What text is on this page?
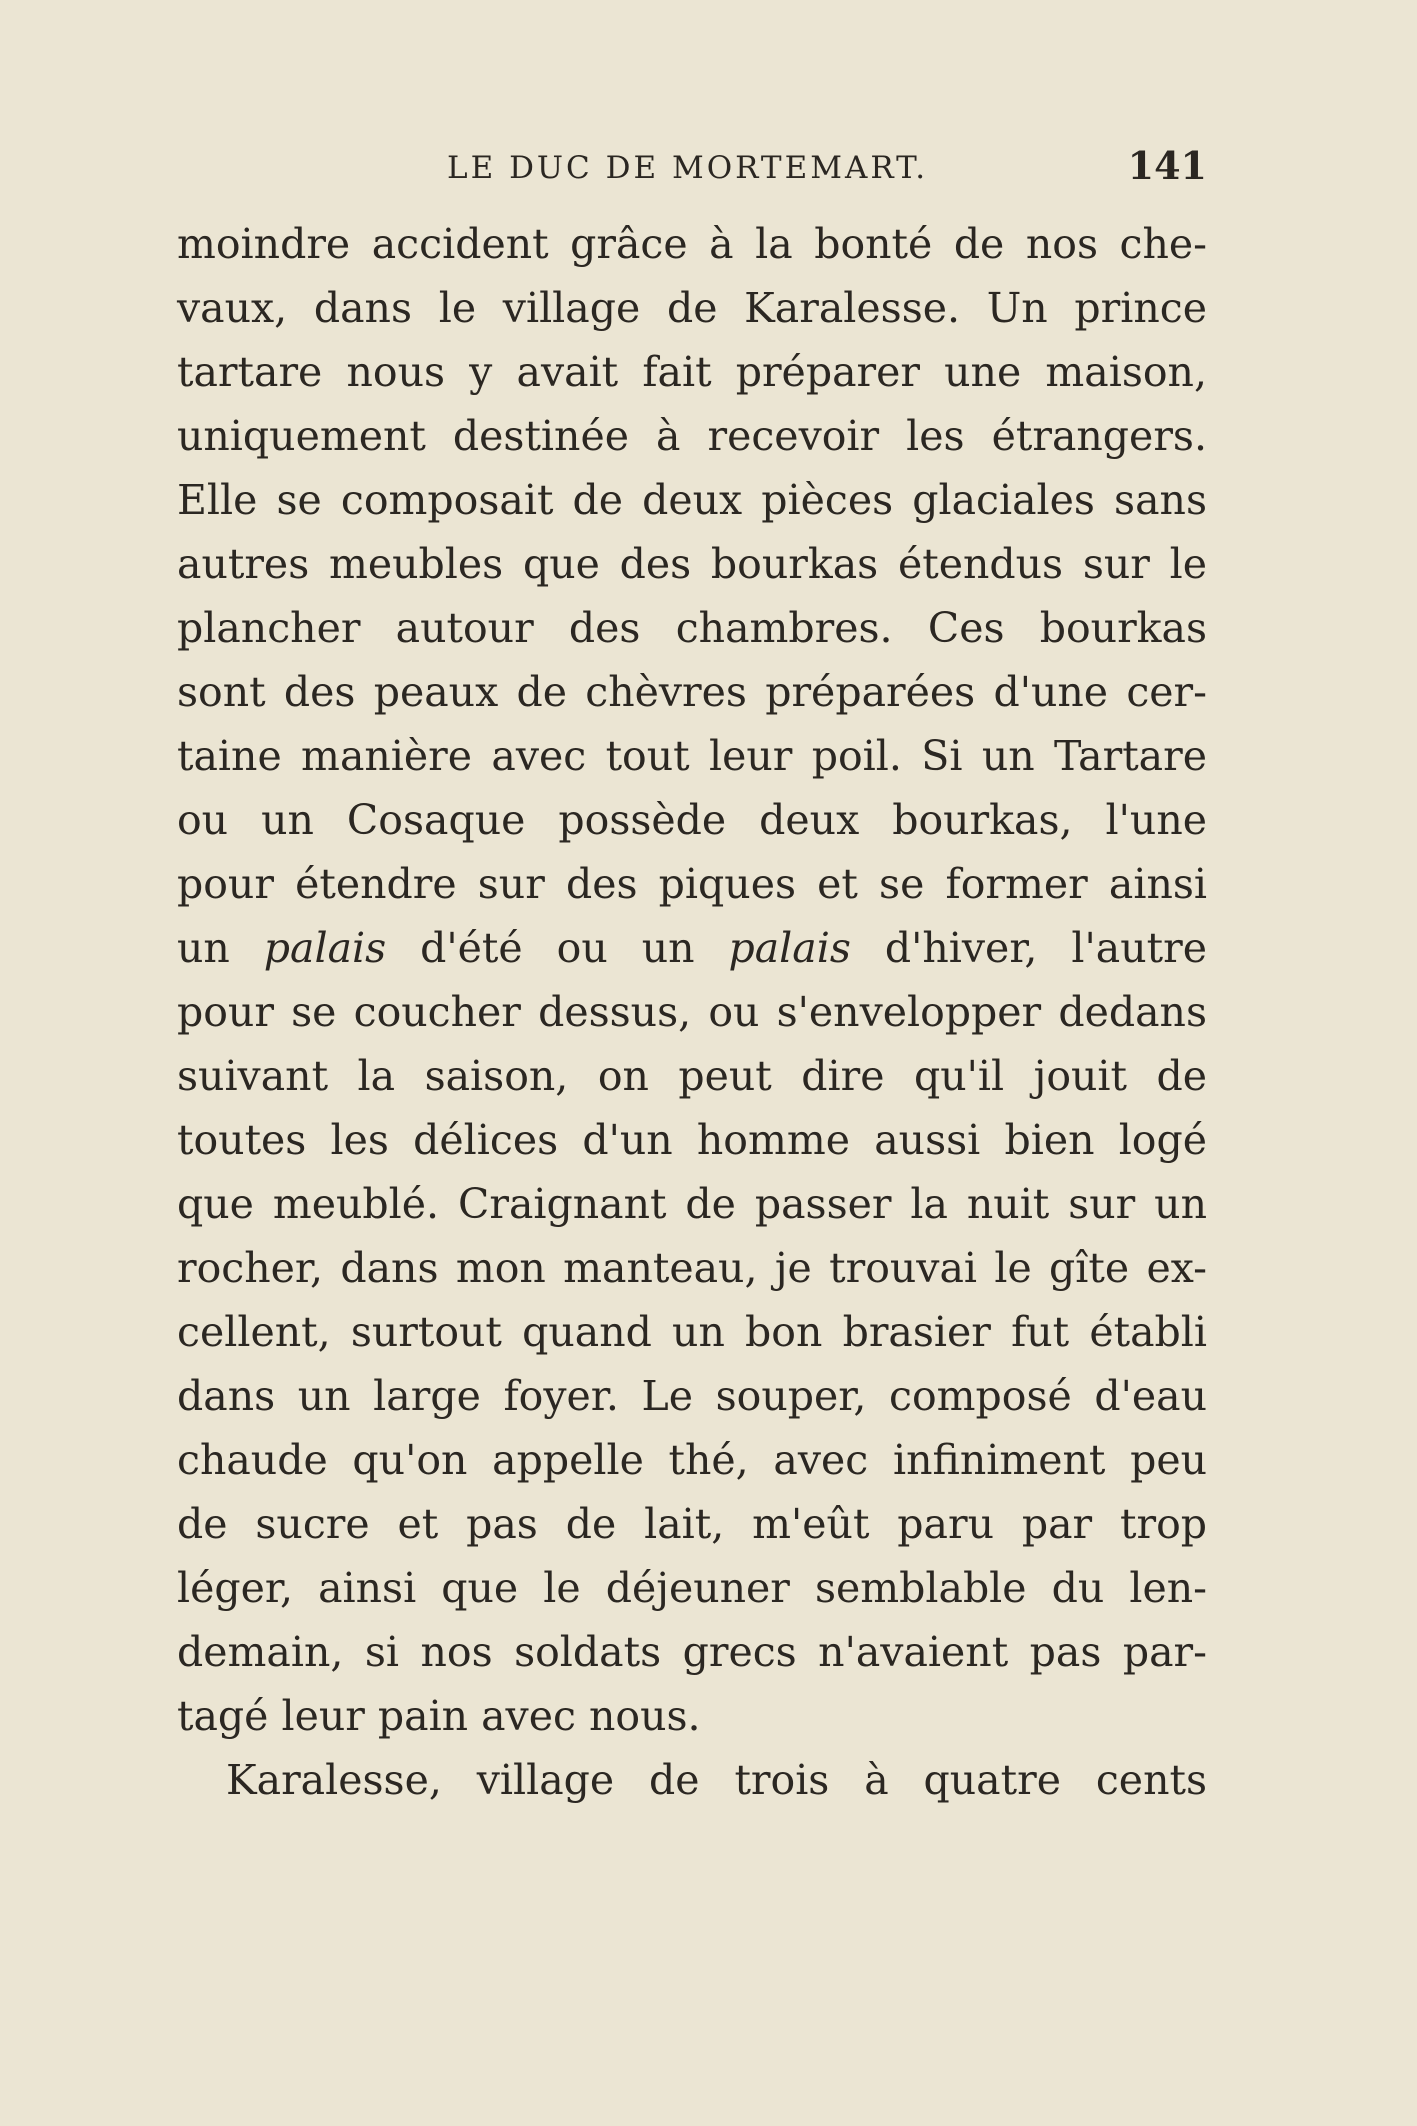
LE DUC DE MORTEMART.	141
moindre accident grâce à la bonté de nos che-
vaux, dans le village de Karalesse. Un prince
tartare nous y avait fait préparer une maison,
uniquement destinée à recevoir les étrangers.
Elle se composait de deux pièces glaciales sans
autres meubles que des bourkas étendus sur le
plancher autour des chambres. Ces bourkas
sont des peaux de chèvres préparées d'une cer-
taine manière avec tout leur poil. Si un Tartare
ou un Cosaque possède deux bourkas, l'une
pour étendre sur des piques et se former ainsi
un palais d'été ou un palais d'hiver, l'autre
pour se coucher dessus, ou s'envelopper dedans
suivant la saison, on peut dire qu'il jouit de
toutes les délices d'un homme aussi bien logé
que meublé. Craignant de passer la nuit sur un
rocher, dans mon manteau, je trouvai le gîte ex-
cellent, surtout quand un bon brasier fut établi
dans un large foyer. Le souper, composé d'eau
chaude qu'on appelle thé, avec infiniment peu
de sucre et pas de lait, m'eût paru par trop
léger, ainsi que le déjeuner semblable du len-
demain, si nos soldats grecs n'avaient pas par-
tagé leur pain avec nous.
Karalesse, village de trois à quatre cents
